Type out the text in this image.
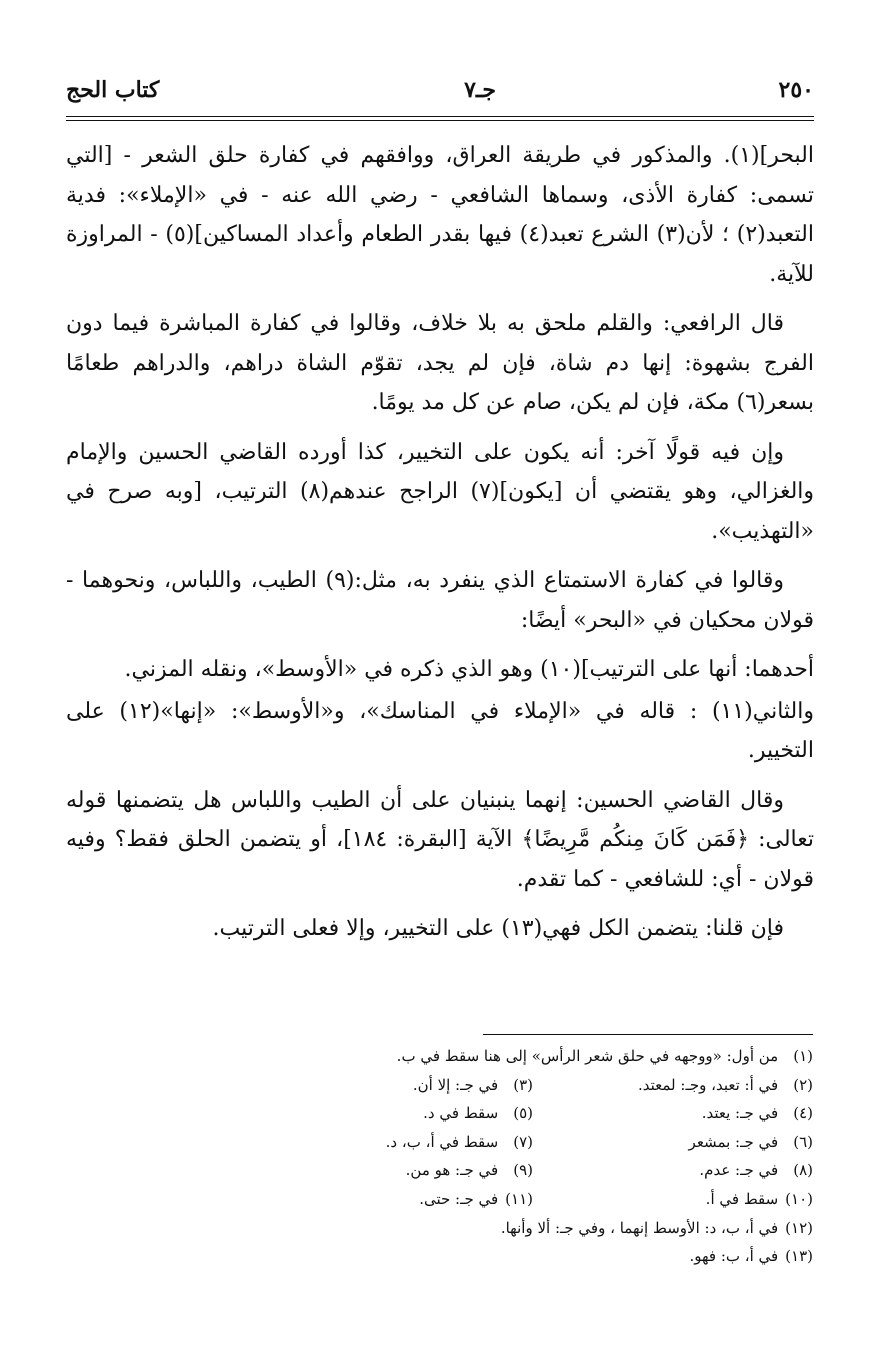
٢٥٠
جـ٧
كتاب الحج

البحر](١). والمذكور في طريقة العراق، ووافقهم في كفارة حلق الشعر - [التي تسمى: كفارة الأذى، وسماها الشافعي - رضي الله عنه - في «الإملاء»: فدية التعبد(٢) ؛ لأن(٣) الشرع تعبد(٤) فيها بقدر الطعام وأعداد المساكين](٥) - المراوزة للآية.

قال الرافعي: والقلم ملحق به بلا خلاف، وقالوا في كفارة المباشرة فيما دون الفرج بشهوة: إنها دم شاة، فإن لم يجد، تقوّم الشاة دراهم، والدراهم طعامًا بسعر(٦) مكة، فإن لم يكن، صام عن كل مد يومًا.

وإن فيه قولًا آخر: أنه يكون على التخيير، كذا أورده القاضي الحسين والإمام والغزالي، وهو يقتضي أن [يكون](٧) الراجح عندهم(٨) الترتيب، [وبه صرح في «التهذيب».

وقالوا في كفارة الاستمتاع الذي ينفرد به، مثل:(٩) الطيب، واللباس، ونحوهما - قولان محكيان في «البحر» أيضًا:

أحدهما: أنها على الترتيب](١٠) وهو الذي ذكره في «الأوسط»، ونقله المزني.

والثاني(١١) : قاله في «الإملاء في المناسك»، و«الأوسط»: «إنها»(١٢) على التخيير.

وقال القاضي الحسين: إنهما ينبنيان على أن الطيب واللباس هل يتضمنها قوله تعالى: ﴿فَمَن كَانَ مِنكُم مَّرِيضًا﴾ الآية [البقرة: ١٨٤]، أو يتضمن الحلق فقط؟ وفيه قولان - أي: للشافعي - كما تقدم.

فإن قلنا: يتضمن الكل فهي(١٣) على التخيير، وإلا فعلى الترتيب.

(١) من أول: «ووجهه في حلق شعر الرأس» إلى هنا سقط في ب.
(٢) في أ: تعبد، وجـ: لمعتد.
(٣) في جـ: إلا أن.
(٤) في جـ: يعتد.
(٥) سقط في د.
(٦) في جـ: بمشعر
(٧) سقط في أ، ب، د.
(٨) في جـ: عدم.
(٩) في جـ: هو من.
(١٠) سقط في أ.
(١١) في جـ: حتى.
(١٢) في أ، ب، د: الأوسط إنهما ، وفي جـ: ألا وأنها.
(١٣) في أ، ب: فهو.
